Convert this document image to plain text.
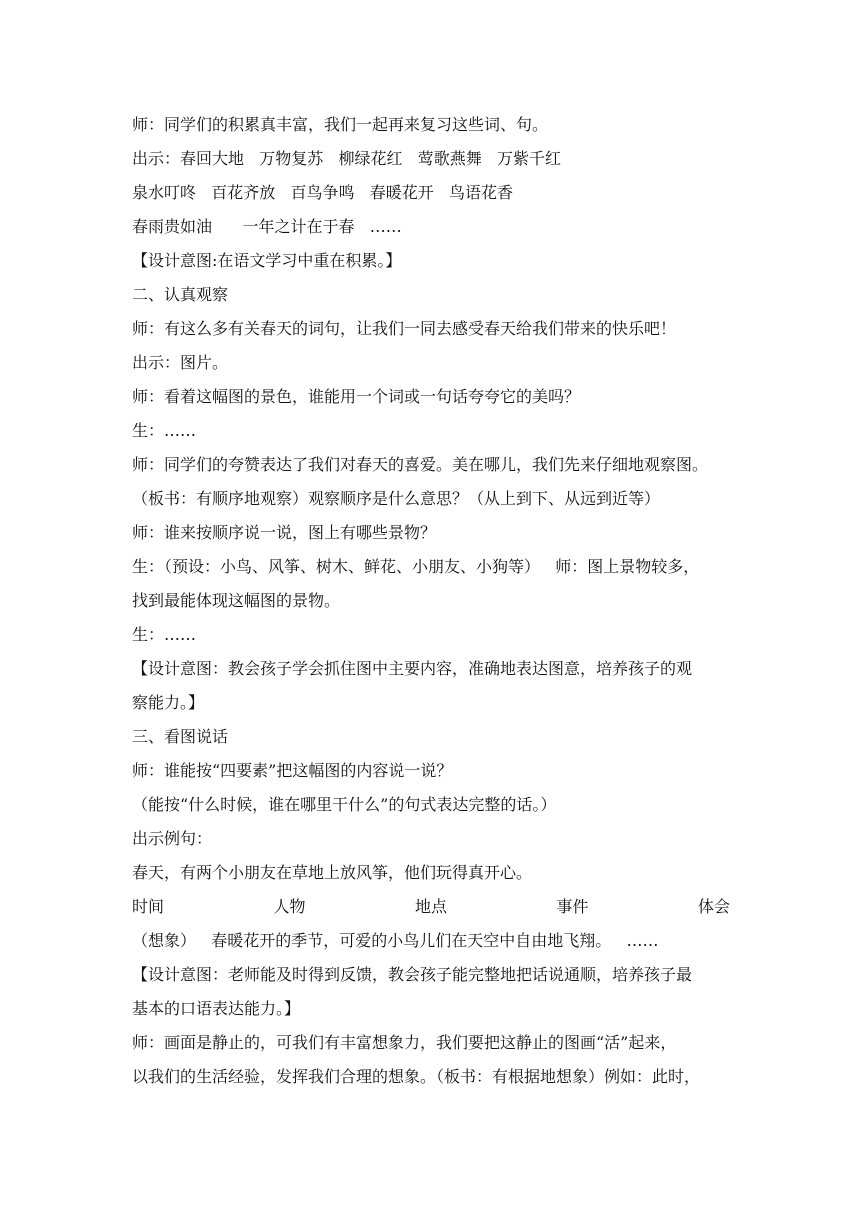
师：同学们的积累真丰富，我们一起再来复习这些词、句。

出示：春回大地   万物复苏   柳绿花红   莺歌燕舞   万紫千红

泉水叮咚   百花齐放   百鸟争鸣   春暖花开   鸟语花香

春雨贵如油      一年之计在于春   ……

【设计意图:在语文学习中重在积累。】

二、认真观察

师：有这么多有关春天的词句，让我们一同去感受春天给我们带来的快乐吧！

出示：图片。

师：看着这幅图的景色，谁能用一个词或一句话夸夸它的美吗？

生：……

师：同学们的夸赞表达了我们对春天的喜爱。美在哪儿，我们先来仔细地观察图。

（板书：有顺序地观察）观察顺序是什么意思？（从上到下、从远到近等）

师：谁来按顺序说一说，图上有哪些景物？

生：（预设：小鸟、风筝、树木、鲜花、小朋友、小狗等）   师：图上景物较多，

找到最能体现这幅图的景物。

生：……

【设计意图：教会孩子学会抓住图中主要内容，准确地表达图意，培养孩子的观

察能力。】

三、看图说话

师：谁能按“四要素”把这幅图的内容说一说？

（能按“什么时候，谁在哪里干什么”的句式表达完整的话。）

出示例句：

春天，有两个小朋友在草地上放风筝，他们玩得真开心。

时间	人物	地点	事件	体会

（想象）   春暖花开的季节，可爱的小鸟儿们在天空中自由地飞翔。   ……

【设计意图：老师能及时得到反馈，教会孩子能完整地把话说通顺，培养孩子最

基本的口语表达能力。】

师：画面是静止的，可我们有丰富想象力，我们要把这静止的图画“活”起来，

以我们的生活经验，发挥我们合理的想象。（板书：有根据地想象）例如：此时，
